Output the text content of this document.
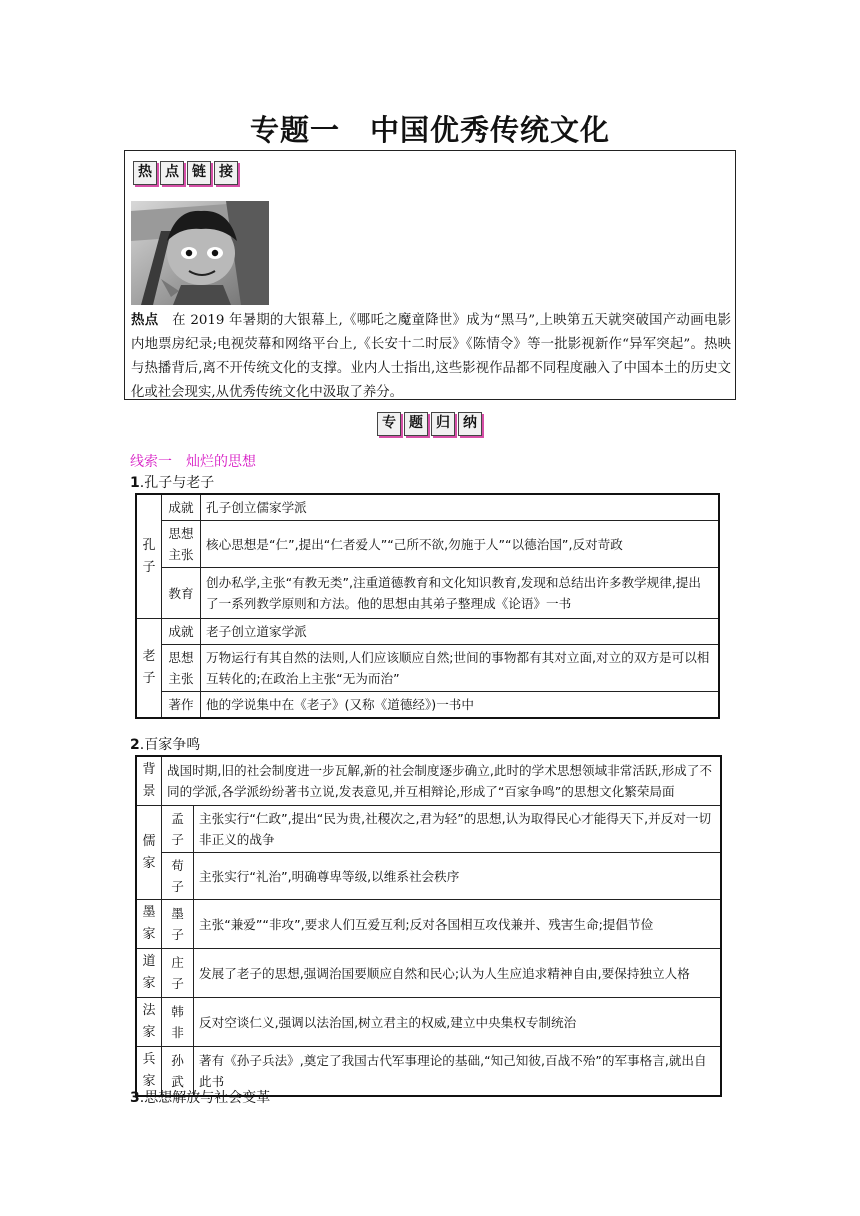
专题一　中国优秀传统文化
热 点 链 接
热点　在 2019 年暑期的大银幕上,《哪吒之魔童降世》成为“黑马”,上映第五天就突破国产动画电影内地票房纪录;电视荧幕和网络平台上,《长安十二时辰》《陈情令》等一批影视新作“异军突起”。热映与热播背后,离不开传统文化的支撑。业内人士指出,这些影视作品都不同程度融入了中国本土的历史文化或社会现实,从优秀传统文化中汲取了养分。
专 题 归 纳
线索一　灿烂的思想
1.孔子与老子
孔子	成就	孔子创立儒家学派
	思想主张	核心思想是“仁”,提出“仁者爱人”“己所不欲,勿施于人”“以德治国”,反对苛政
	教育	创办私学,主张“有教无类”,注重道德教育和文化知识教育,发现和总结出许多教学规律,提出了一系列教学原则和方法。他的思想由其弟子整理成《论语》一书
老子	成就	老子创立道家学派
	思想主张	万物运行有其自然的法则,人们应该顺应自然;世间的事物都有其对立面,对立的双方是可以相互转化的;在政治上主张“无为而治”
	著作	他的学说集中在《老子》(又称《道德经》)一书中
2.百家争鸣
背景	战国时期,旧的社会制度进一步瓦解,新的社会制度逐步确立,此时的学术思想领域非常活跃,形成了不同的学派,各学派纷纷著书立说,发表意见,并互相辩论,形成了“百家争鸣”的思想文化繁荣局面	
儒家	孟子	主张实行“仁政”,提出“民为贵,社稷次之,君为轻”的思想,认为取得民心才能得天下,并反对一切非正义的战争
	荀子	主张实行“礼治”,明确尊卑等级,以维系社会秩序
墨家	墨子	主张“兼爱”“非攻”,要求人们互爱互利;反对各国相互攻伐兼并、残害生命;提倡节俭
道家	庄子	发展了老子的思想,强调治国要顺应自然和民心;认为人生应追求精神自由,要保持独立人格
法家	韩非	反对空谈仁义,强调以法治国,树立君主的权威,建立中央集权专制统治
兵家	孙武	著有《孙子兵法》,奠定了我国古代军事理论的基础,“知己知彼,百战不殆”的军事格言,就出自此书
3.思想解放与社会变革
